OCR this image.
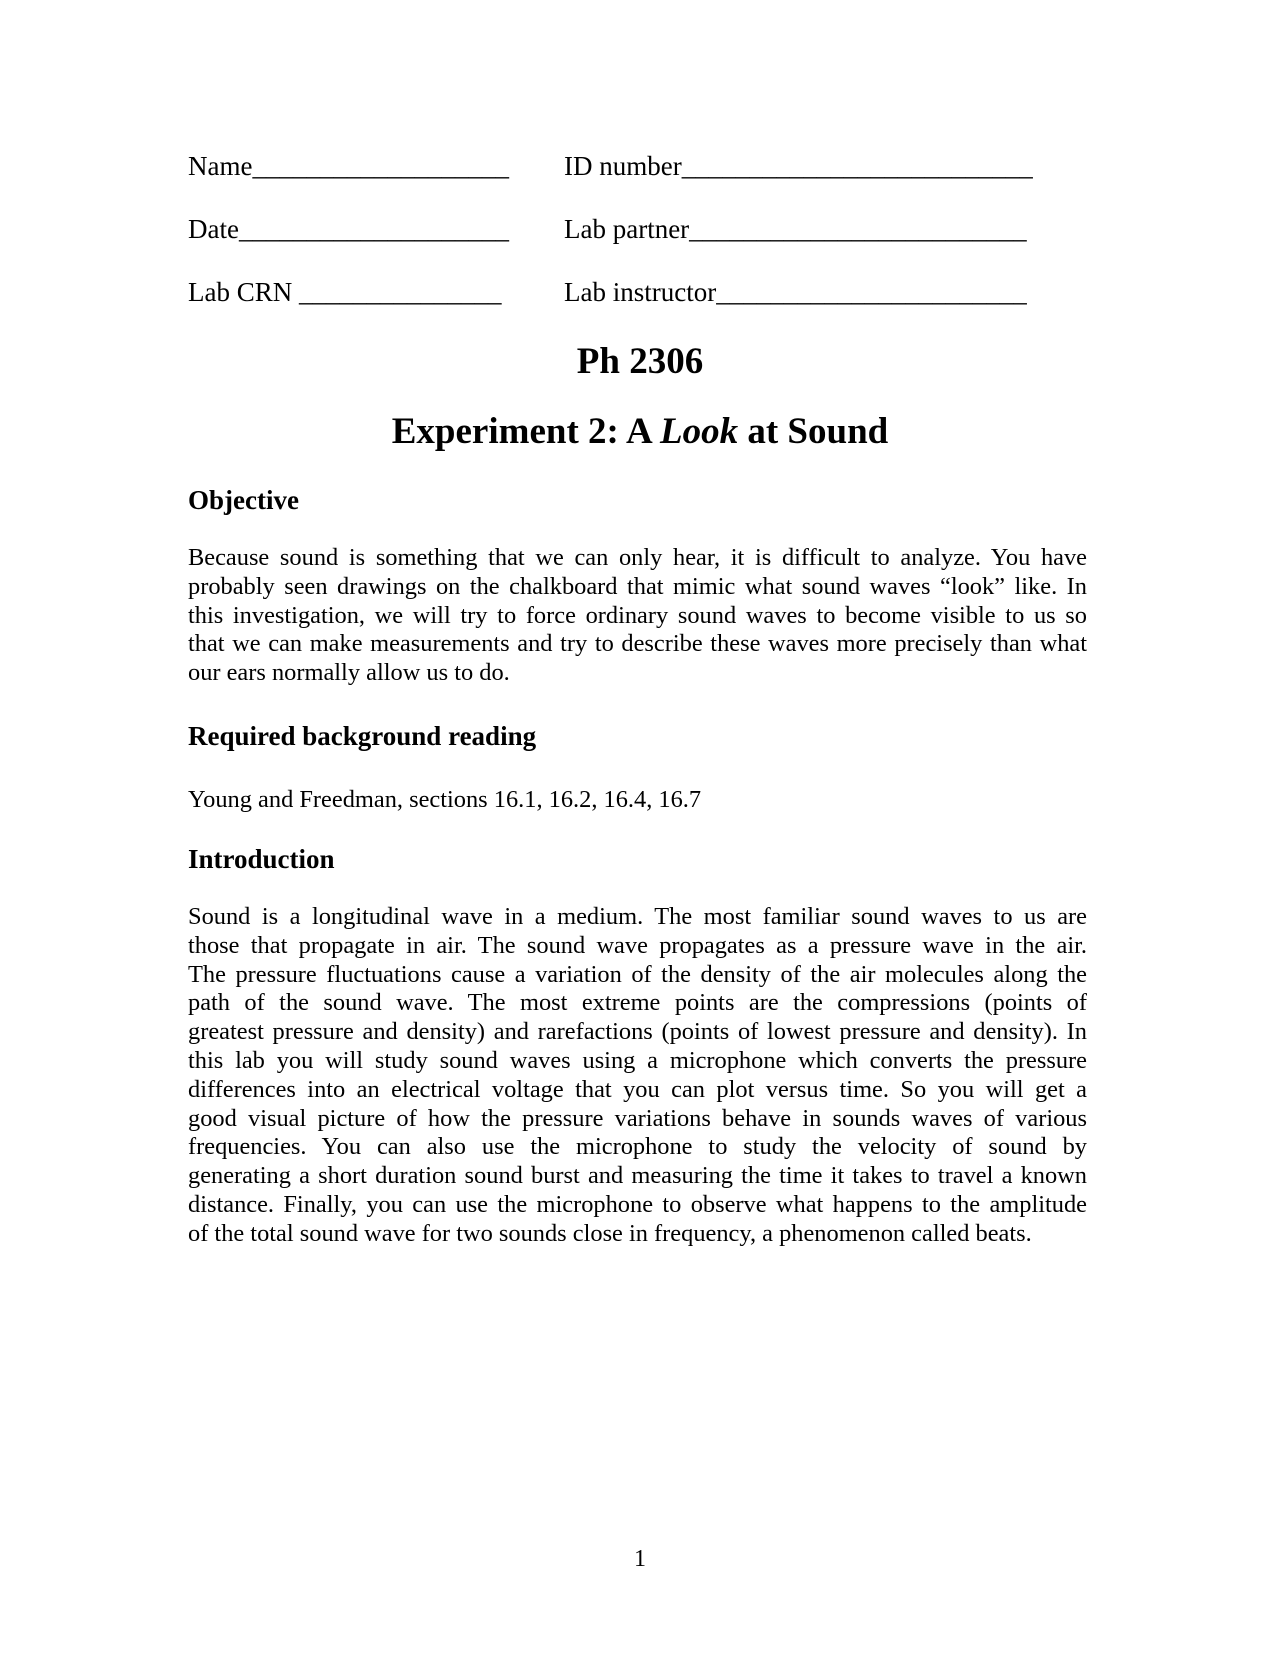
Name___________________ ID number__________________________
Date____________________ Lab partner_________________________
Lab CRN _______________ Lab instructor_______________________
Ph 2306
Experiment 2: A Look at Sound
Objective
Because sound is something that we can only hear, it is difficult to analyze. You have
probably seen drawings on the chalkboard that mimic what sound waves “look” like. In
this investigation, we will try to force ordinary sound waves to become visible to us so
that we can make measurements and try to describe these waves more precisely than what
our ears normally allow us to do.
Required background reading
Young and Freedman, sections 16.1, 16.2, 16.4, 16.7
Introduction
Sound is a longitudinal wave in a medium. The most familiar sound waves to us are
those that propagate in air. The sound wave propagates as a pressure wave in the air.
The pressure fluctuations cause a variation of the density of the air molecules along the
path of the sound wave. The most extreme points are the compressions (points of
greatest pressure and density) and rarefactions (points of lowest pressure and density). In
this lab you will study sound waves using a microphone which converts the pressure
differences into an electrical voltage that you can plot versus time. So you will get a
good visual picture of how the pressure variations behave in sounds waves of various
frequencies. You can also use the microphone to study the velocity of sound by
generating a short duration sound burst and measuring the time it takes to travel a known
distance. Finally, you can use the microphone to observe what happens to the amplitude
of the total sound wave for two sounds close in frequency, a phenomenon called beats.
1
